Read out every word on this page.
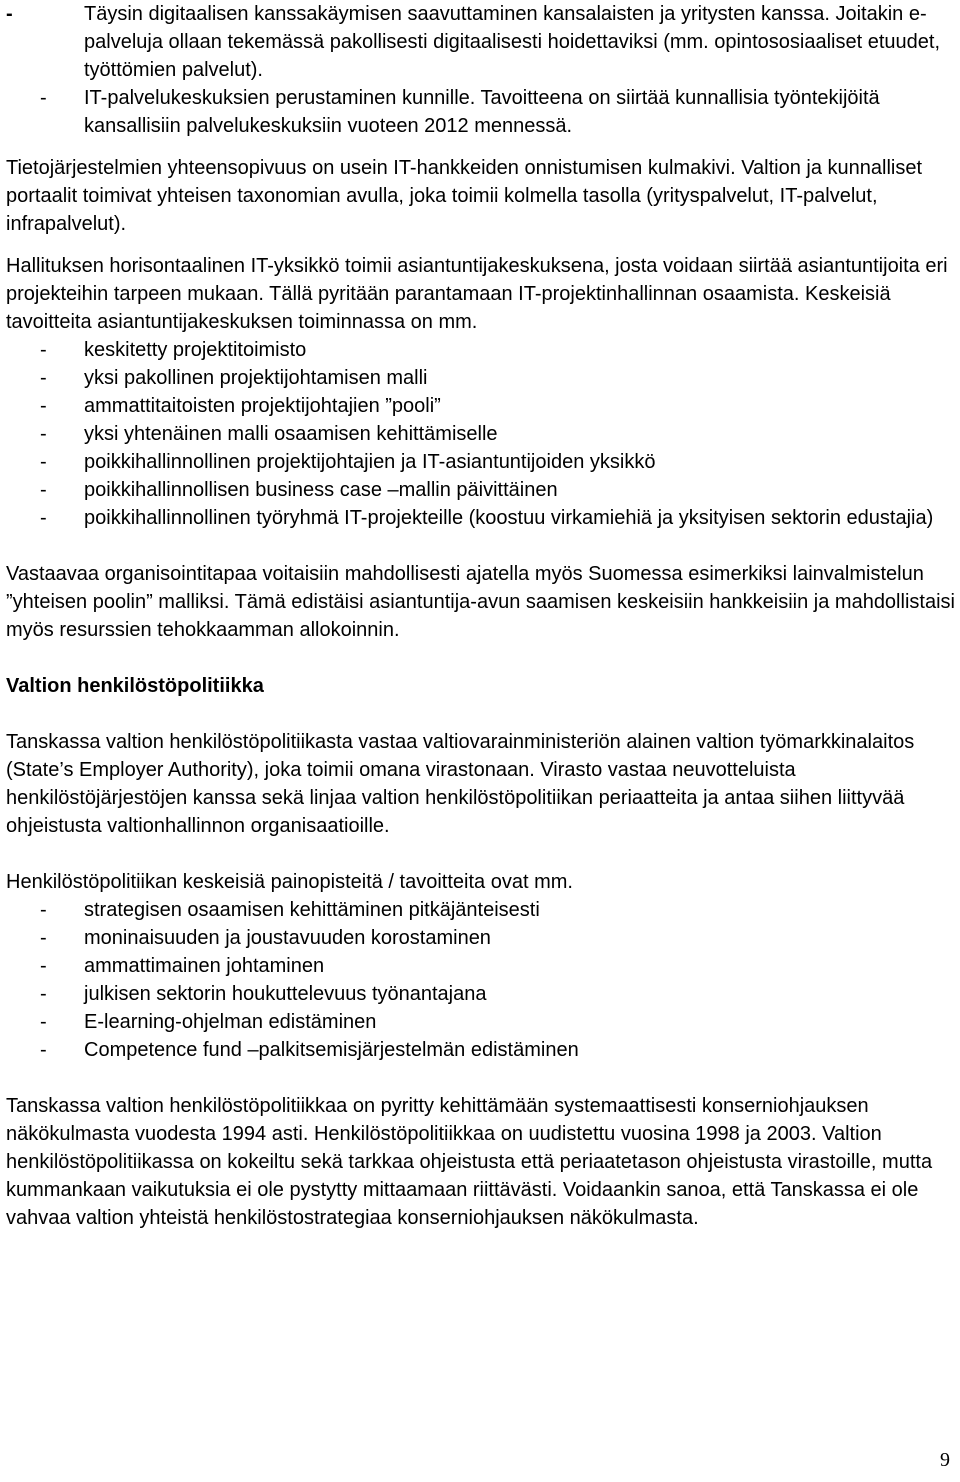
-	Täysin digitaalisen kanssakäymisen saavuttaminen kansalaisten ja yritysten kanssa. Joitakin e-palveluja ollaan tekemässä pakollisesti digitaalisesti hoidettaviksi (mm. opintososiaaliset etuudet, työttömien palvelut).
- IT-palvelukeskuksien perustaminen kunnille. Tavoitteena on siirtää kunnallisia työntekijöitä kansallisiin palvelukeskuksiin vuoteen 2012 mennessä.

Tietojärjestelmien yhteensopivuus on usein IT-hankkeiden onnistumisen kulmakivi. Valtion ja kunnalliset portaalit toimivat yhteisen taxonomian avulla, joka toimii kolmella tasolla (yrityspalvelut, IT-palvelut, infrapalvelut).

Hallituksen horisontaalinen IT-yksikkö toimii asiantuntijakeskuksena, josta voidaan siirtää asiantuntijoita eri projekteihin tarpeen mukaan. Tällä pyritään parantamaan IT-projektinhallinnan osaamista. Keskeisiä tavoitteita asiantuntijakeskuksen toiminnassa on mm.

- keskitetty projektitoimisto
- yksi pakollinen projektijohtamisen malli
- ammattitaitoisten projektijohtajien ”pooli”
- yksi yhtenäinen malli osaamisen kehittämiselle
- poikkihallinnollinen projektijohtajien ja IT-asiantuntijoiden yksikkö
- poikkihallinnollisen business case –mallin päivittäinen
- poikkihallinnollinen työryhmä IT-projekteille (koostuu virkamiehiä ja yksityisen sektorin edustajia)

Vastaavaa organisointitapaa voitaisiin mahdollisesti ajatella myös Suomessa esimerkiksi lainvalmistelun ”yhteisen poolin” malliksi. Tämä edistäisi asiantuntija-avun saamisen keskeisiin hankkeisiin ja mahdollistaisi myös resurssien tehokkaamman allokoinnin.

Valtion henkilöstöpolitiikka

Tanskassa valtion henkilöstöpolitiikasta vastaa valtiovarainministeriön alainen valtion työmarkkinalaitos (State’s Employer Authority), joka toimii omana virastonaan. Virasto vastaa neuvotteluista henkilöstöjärjestöjen kanssa sekä linjaa valtion henkilöstöpolitiikan periaatteita ja antaa siihen liittyvää ohjeistusta valtionhallinnon organisaatioille.

Henkilöstöpolitiikan keskeisiä painopisteitä / tavoitteita ovat mm.

- strategisen osaamisen kehittäminen pitkäjänteisesti
- moninaisuuden ja joustavuuden korostaminen
- ammattimainen johtaminen
- julkisen sektorin houkuttelevuus työnantajana
- E-learning-ohjelman edistäminen
- Competence fund –palkitsemisjärjestelmän edistäminen

Tanskassa valtion henkilöstöpolitiikkaa on pyritty kehittämään systemaattisesti konserniohjauksen näkökulmasta vuodesta 1994 asti. Henkilöstöpolitiikkaa on uudistettu vuosina 1998 ja 2003. Valtion henkilöstöpolitiikassa on kokeiltu sekä tarkkaa ohjeistusta että periaatetason ohjeistusta virastoille, mutta kummankaan vaikutuksia ei ole pystytty mittaamaan riittävästi. Voidaankin sanoa, että Tanskassa ei ole vahvaa valtion yhteistä henkilöstostrategiaa konserniohjauksen näkökulmasta.

9
